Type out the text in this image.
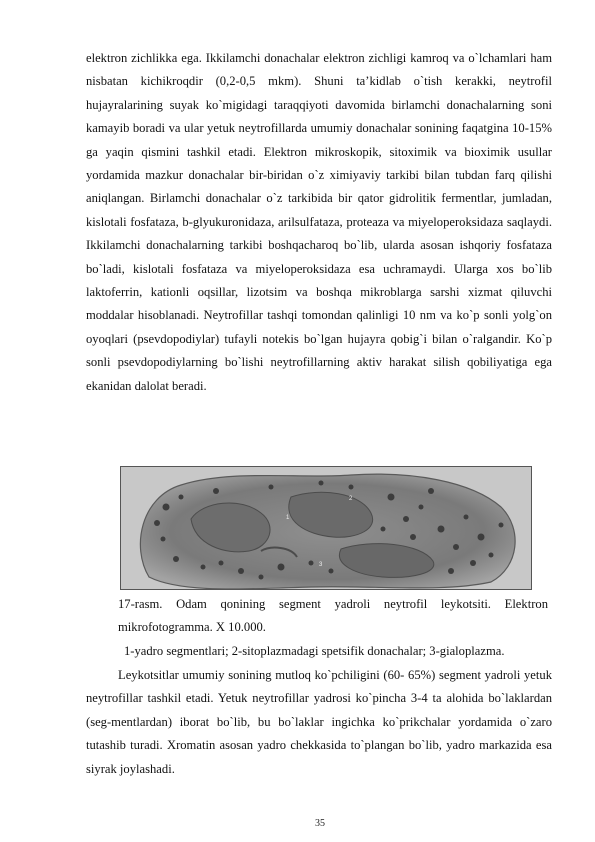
elektron zichlikka ega. Ikkilamchi donachalar elektron zichligi kamroq va o`lchamlari ham nisbatan kichikroqdir (0,2-0,5 mkm). Shuni ta’kidlab o`tish kerakki, neytrofil hujayralarining suyak ko`migidagi taraqqiyoti davomida birlamchi donachalarning soni kamayib boradi va ular yetuk neytrofillarda umumiy donachalar sonining faqatgina 10-15% ga yaqin qismini tashkil etadi. Elektron mikroskopik, sitoximik va bioximik usullar yordamida mazkur donachalar bir-biridan o`z ximiyaviy tarkibi bilan tubdan farq qilishi aniqlangan. Birlamchi donachalar o`z tarkibida bir qator gidrolitik fermentlar, jumladan, kislotali fosfataza, b-glyukuronidaza, arilsulfataza, proteaza va miyeloperoksidaza saqlaydi. Ikkilamchi donachalarning tarkibi boshqacharoq bo`lib, ularda asosan ishqoriy fosfataza bo`ladi, kislotali fosfataza va miyeloperoksidaza esa uchramaydi. Ularga xos bo`lib laktoferrin, kationli oqsillar, lizotsim va boshqa mikroblarga sarshi xizmat qiluvchi moddalar hisoblanadi. Neytrofillar tashqi tomondan qalinligi 10 nm va ko`p sonli yolg`on oyoqlari (psevdopodiylar) tufayli notekis bo`lgan hujayra qobig`i bilan o`ralgandir. Ko`p sonli psevdopodiylarning bo`lishi neytrofillarning aktiv harakat silish qobiliyatiga ega ekanidan dalolat beradi.
1
2
3
17-rasm. Odam qonining segment yadroli neytrofil leykotsiti. Elektron mikrofotogramma. X 10.000.
1-yadro segmentlari; 2-sitoplazmadagi spetsifik donachalar; 3-gialoplazma.
Leykotsitlar umumiy sonining mutloq ko`pchiligini (60- 65%) segment yadroli yetuk neytrofillar tashkil etadi. Yetuk neytrofillar yadrosi ko`pincha 3-4 ta alohida bo`laklardan (seg-mentlardan) iborat bo`lib, bu bo`laklar ingichka ko`prikchalar yordamida o`zaro tutashib turadi. Xromatin asosan yadro chekkasida to`plangan bo`lib, yadro markazida esa siyrak joylashadi.
35
